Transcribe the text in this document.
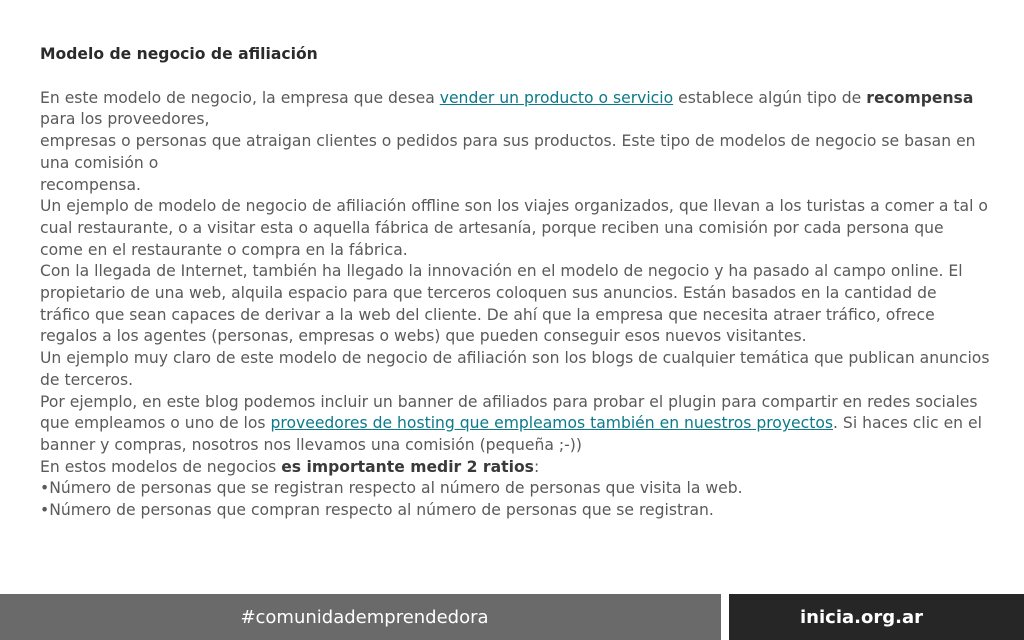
Modelo de negocio de afiliación

En este modelo de negocio, la empresa que desea vender un producto o servicio establece algún tipo de recompensa para los proveedores,

empresas o personas que atraigan clientes o pedidos para sus productos. Este tipo de modelos de negocio se basan en una comisión o

recompensa.

Un ejemplo de modelo de negocio de afiliación offline son los viajes organizados, que llevan a los turistas a comer a tal o cual restaurante, o a visitar esta o aquella fábrica de artesanía, porque reciben una comisión por cada persona que come en el restaurante o compra en la fábrica.

Con la llegada de Internet, también ha llegado la innovación en el modelo de negocio y ha pasado al campo online. El propietario de una web, alquila espacio para que terceros coloquen sus anuncios. Están basados en la cantidad de tráfico que sean capaces de derivar a la web del cliente. De ahí que la empresa que necesita atraer tráfico, ofrece regalos a los agentes (personas, empresas o webs) que pueden conseguir esos nuevos visitantes.

Un ejemplo muy claro de este modelo de negocio de afiliación son los blogs de cualquier temática que publican anuncios de terceros.

Por ejemplo, en este blog podemos incluir un banner de afiliados para probar el plugin para compartir en redes sociales que empleamos o uno de los proveedores de hosting que empleamos también en nuestros proyectos. Si haces clic en el banner y compras, nosotros nos llevamos una comisión (pequeña ;-))

En estos modelos de negocios es importante medir 2 ratios:

•Número de personas que se registran respecto al número de personas que visita la web.

•Número de personas que compran respecto al número de personas que se registran.

#comunidademprendedora	inicia.org.ar
